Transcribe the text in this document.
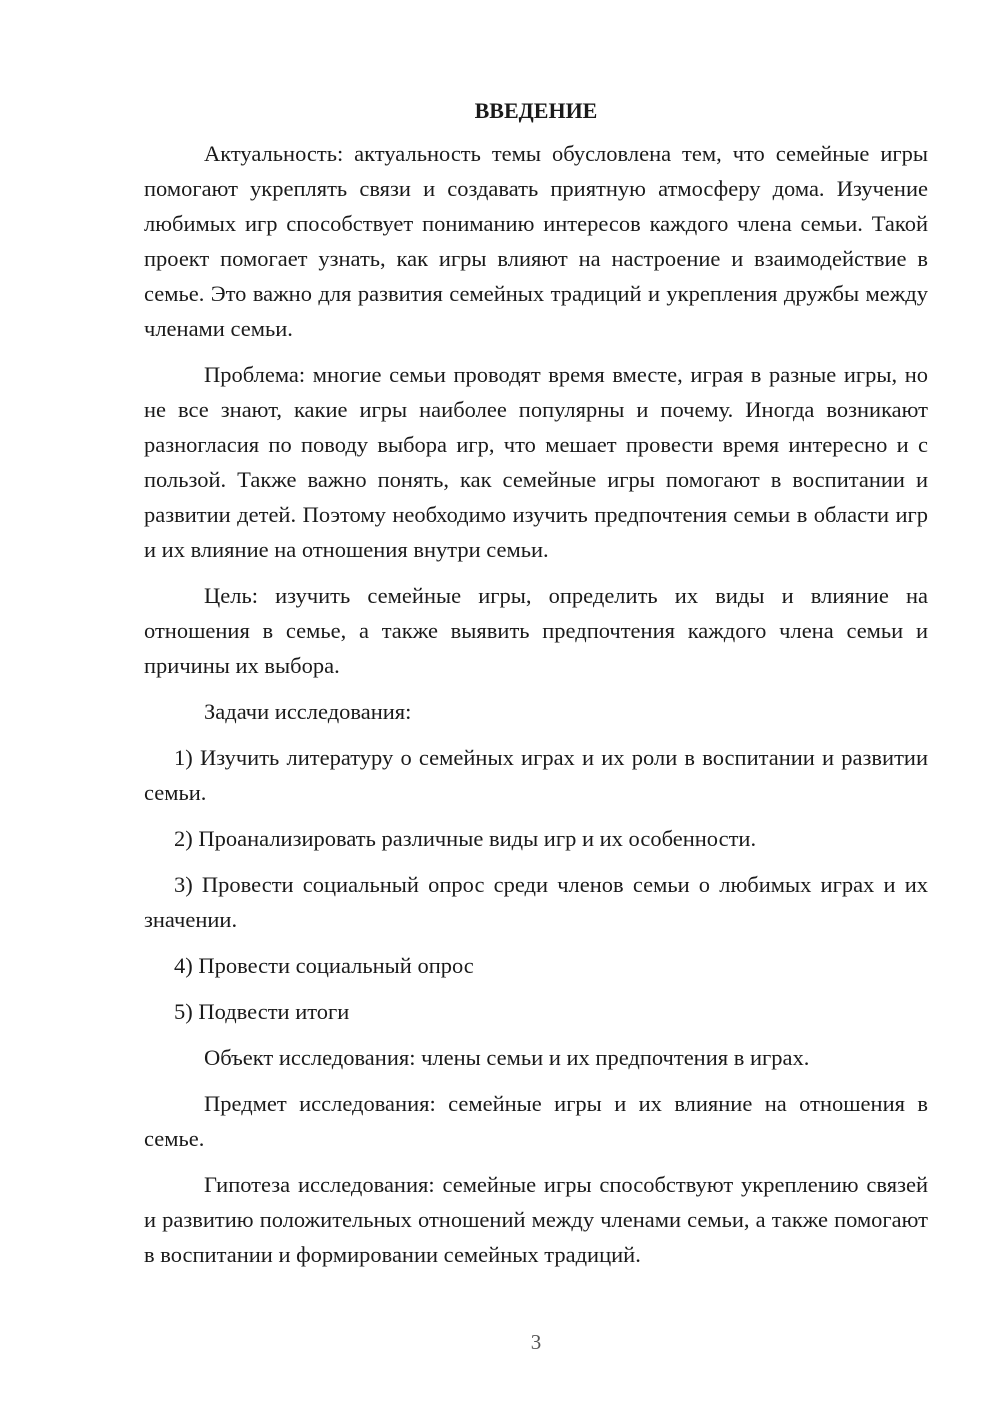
ВВЕДЕНИЕ

Актуальность: актуальность темы обусловлена тем, что семейные игры помогают укреплять связи и создавать приятную атмосферу дома. Изучение любимых игр способствует пониманию интересов каждого члена семьи. Такой проект помогает узнать, как игры влияют на настроение и взаимодействие в семье. Это важно для развития семейных традиций и укрепления дружбы между членами семьи.

Проблема: многие семьи проводят время вместе, играя в разные игры, но не все знают, какие игры наиболее популярны и почему. Иногда возникают разногласия по поводу выбора игр, что мешает провести время интересно и с пользой. Также важно понять, как семейные игры помогают в воспитании и развитии детей. Поэтому необходимо изучить предпочтения семьи в области игр и их влияние на отношения внутри семьи.

Цель: изучить семейные игры, определить их виды и влияние на отношения в семье, а также выявить предпочтения каждого члена семьи и причины их выбора.

Задачи исследования:

1) Изучить литературу о семейных играх и их роли в воспитании и развитии семьи.

2) Проанализировать различные виды игр и их особенности.

3) Провести социальный опрос среди членов семьи о любимых играх и их значении.

4) Провести социальный опрос

5) Подвести итоги

Объект исследования: члены семьи и их предпочтения в играх.

Предмет исследования: семейные игры и их влияние на отношения в семье.

Гипотеза исследования: семейные игры способствуют укреплению связей и развитию положительных отношений между членами семьи, а также помогают в воспитании и формировании семейных традиций.

3
